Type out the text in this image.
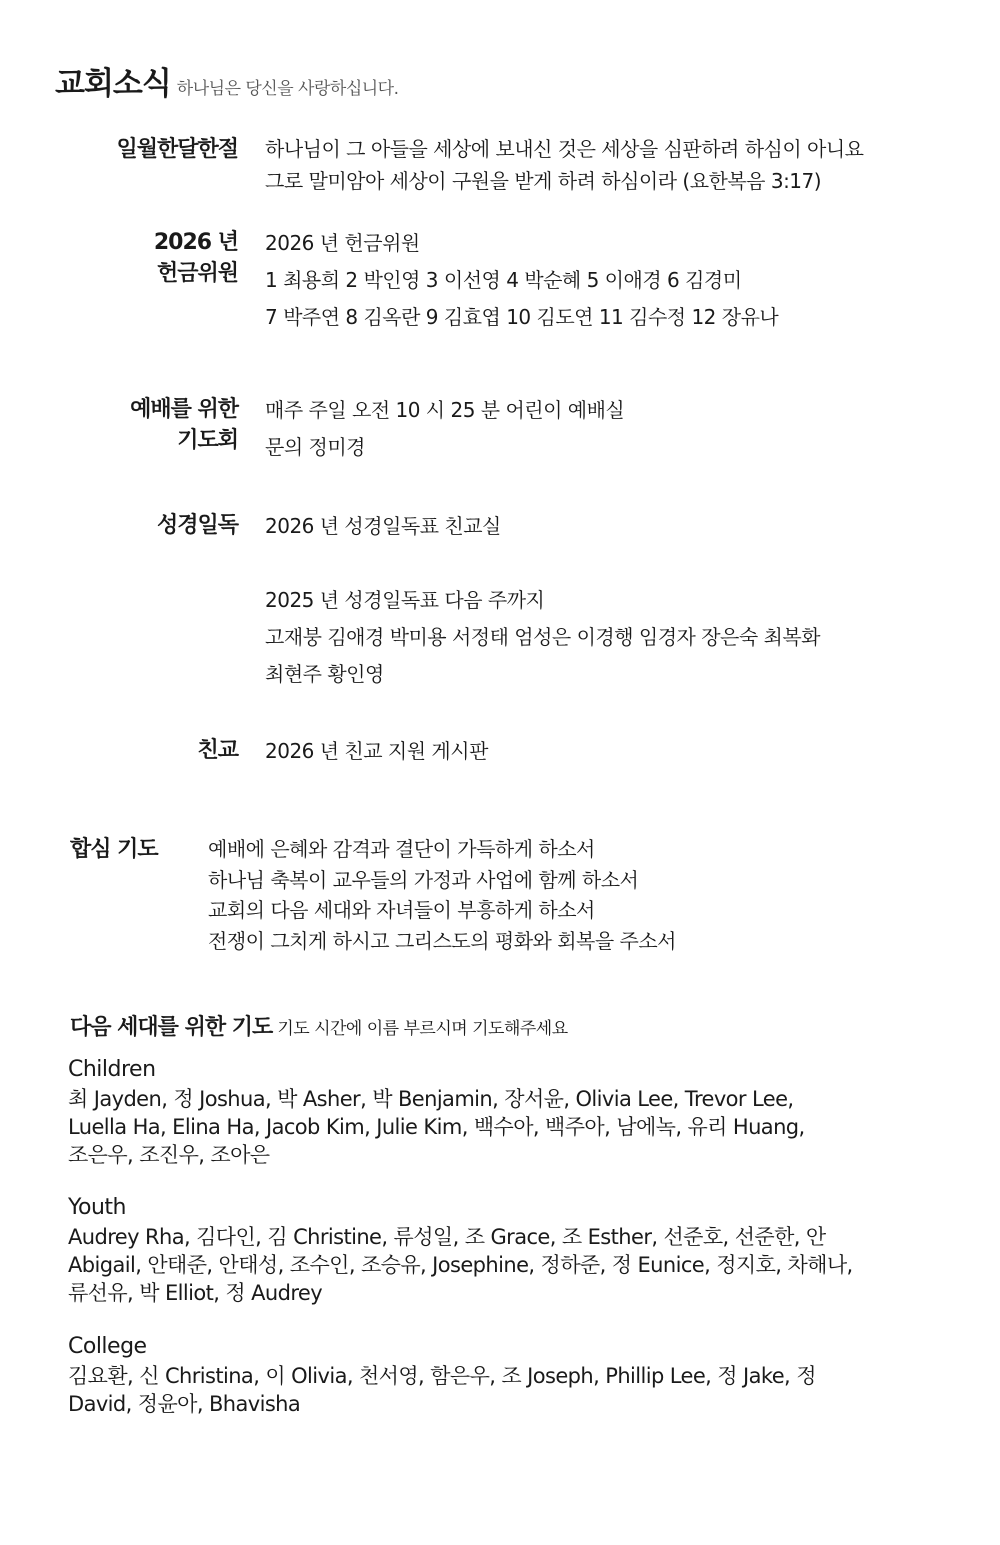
교회소식 하나님은 당신을 사랑하십니다.
일월한달한절 하나님이 그 아들을 세상에 보내신 것은 세상을 심판하려 하심이 아니요
그로 말미암아 세상이 구원을 받게 하려 하심이라 (요한복음 3:17)
2026 년
헌금위원
2026 년 헌금위원
1 최용희 2 박인영 3 이선영 4 박순혜 5 이애경 6 김경미
7 박주연 8 김옥란 9 김효엽 10 김도연 11 김수정 12 장유나
예배를 위한
기도회
매주 주일 오전 10 시 25 분 어린이 예배실
문의 정미경
성경일독 2026 년 성경일독표 친교실
2025 년 성경일독표 다음 주까지
고재붕 김애경 박미용 서정태 엄성은 이경행 임경자 장은숙 최복화
최현주 황인영
친교 2026 년 친교 지원 게시판
합심 기도	예배에 은혜와 감격과 결단이 가득하게 하소서
하나님 축복이 교우들의 가정과 사업에 함께 하소서
교회의 다음 세대와 자녀들이 부흥하게 하소서
전쟁이 그치게 하시고 그리스도의 평화와 회복을 주소서
다음 세대를 위한 기도 기도 시간에 이름 부르시며 기도해주세요
Children
최 Jayden, 정 Joshua, 박 Asher, 박 Benjamin, 장서윤, Olivia Lee, Trevor Lee,
Luella Ha, Elina Ha, Jacob Kim, Julie Kim, 백수아, 백주아, 남에녹, 유리 Huang,
조은우, 조진우, 조아은
Youth
Audrey Rha, 김다인, 김 Christine, 류성일, 조 Grace, 조 Esther, 선준호, 선준한, 안
Abigail, 안태준, 안태성, 조수인, 조승유, Josephine, 정하준, 정 Eunice, 정지호, 차해나,
류선유, 박 Elliot, 정 Audrey
College
김요환, 신 Christina, 이 Olivia, 천서영, 함은우, 조 Joseph, Phillip Lee, 정 Jake, 정
David, 정윤아, Bhavisha
